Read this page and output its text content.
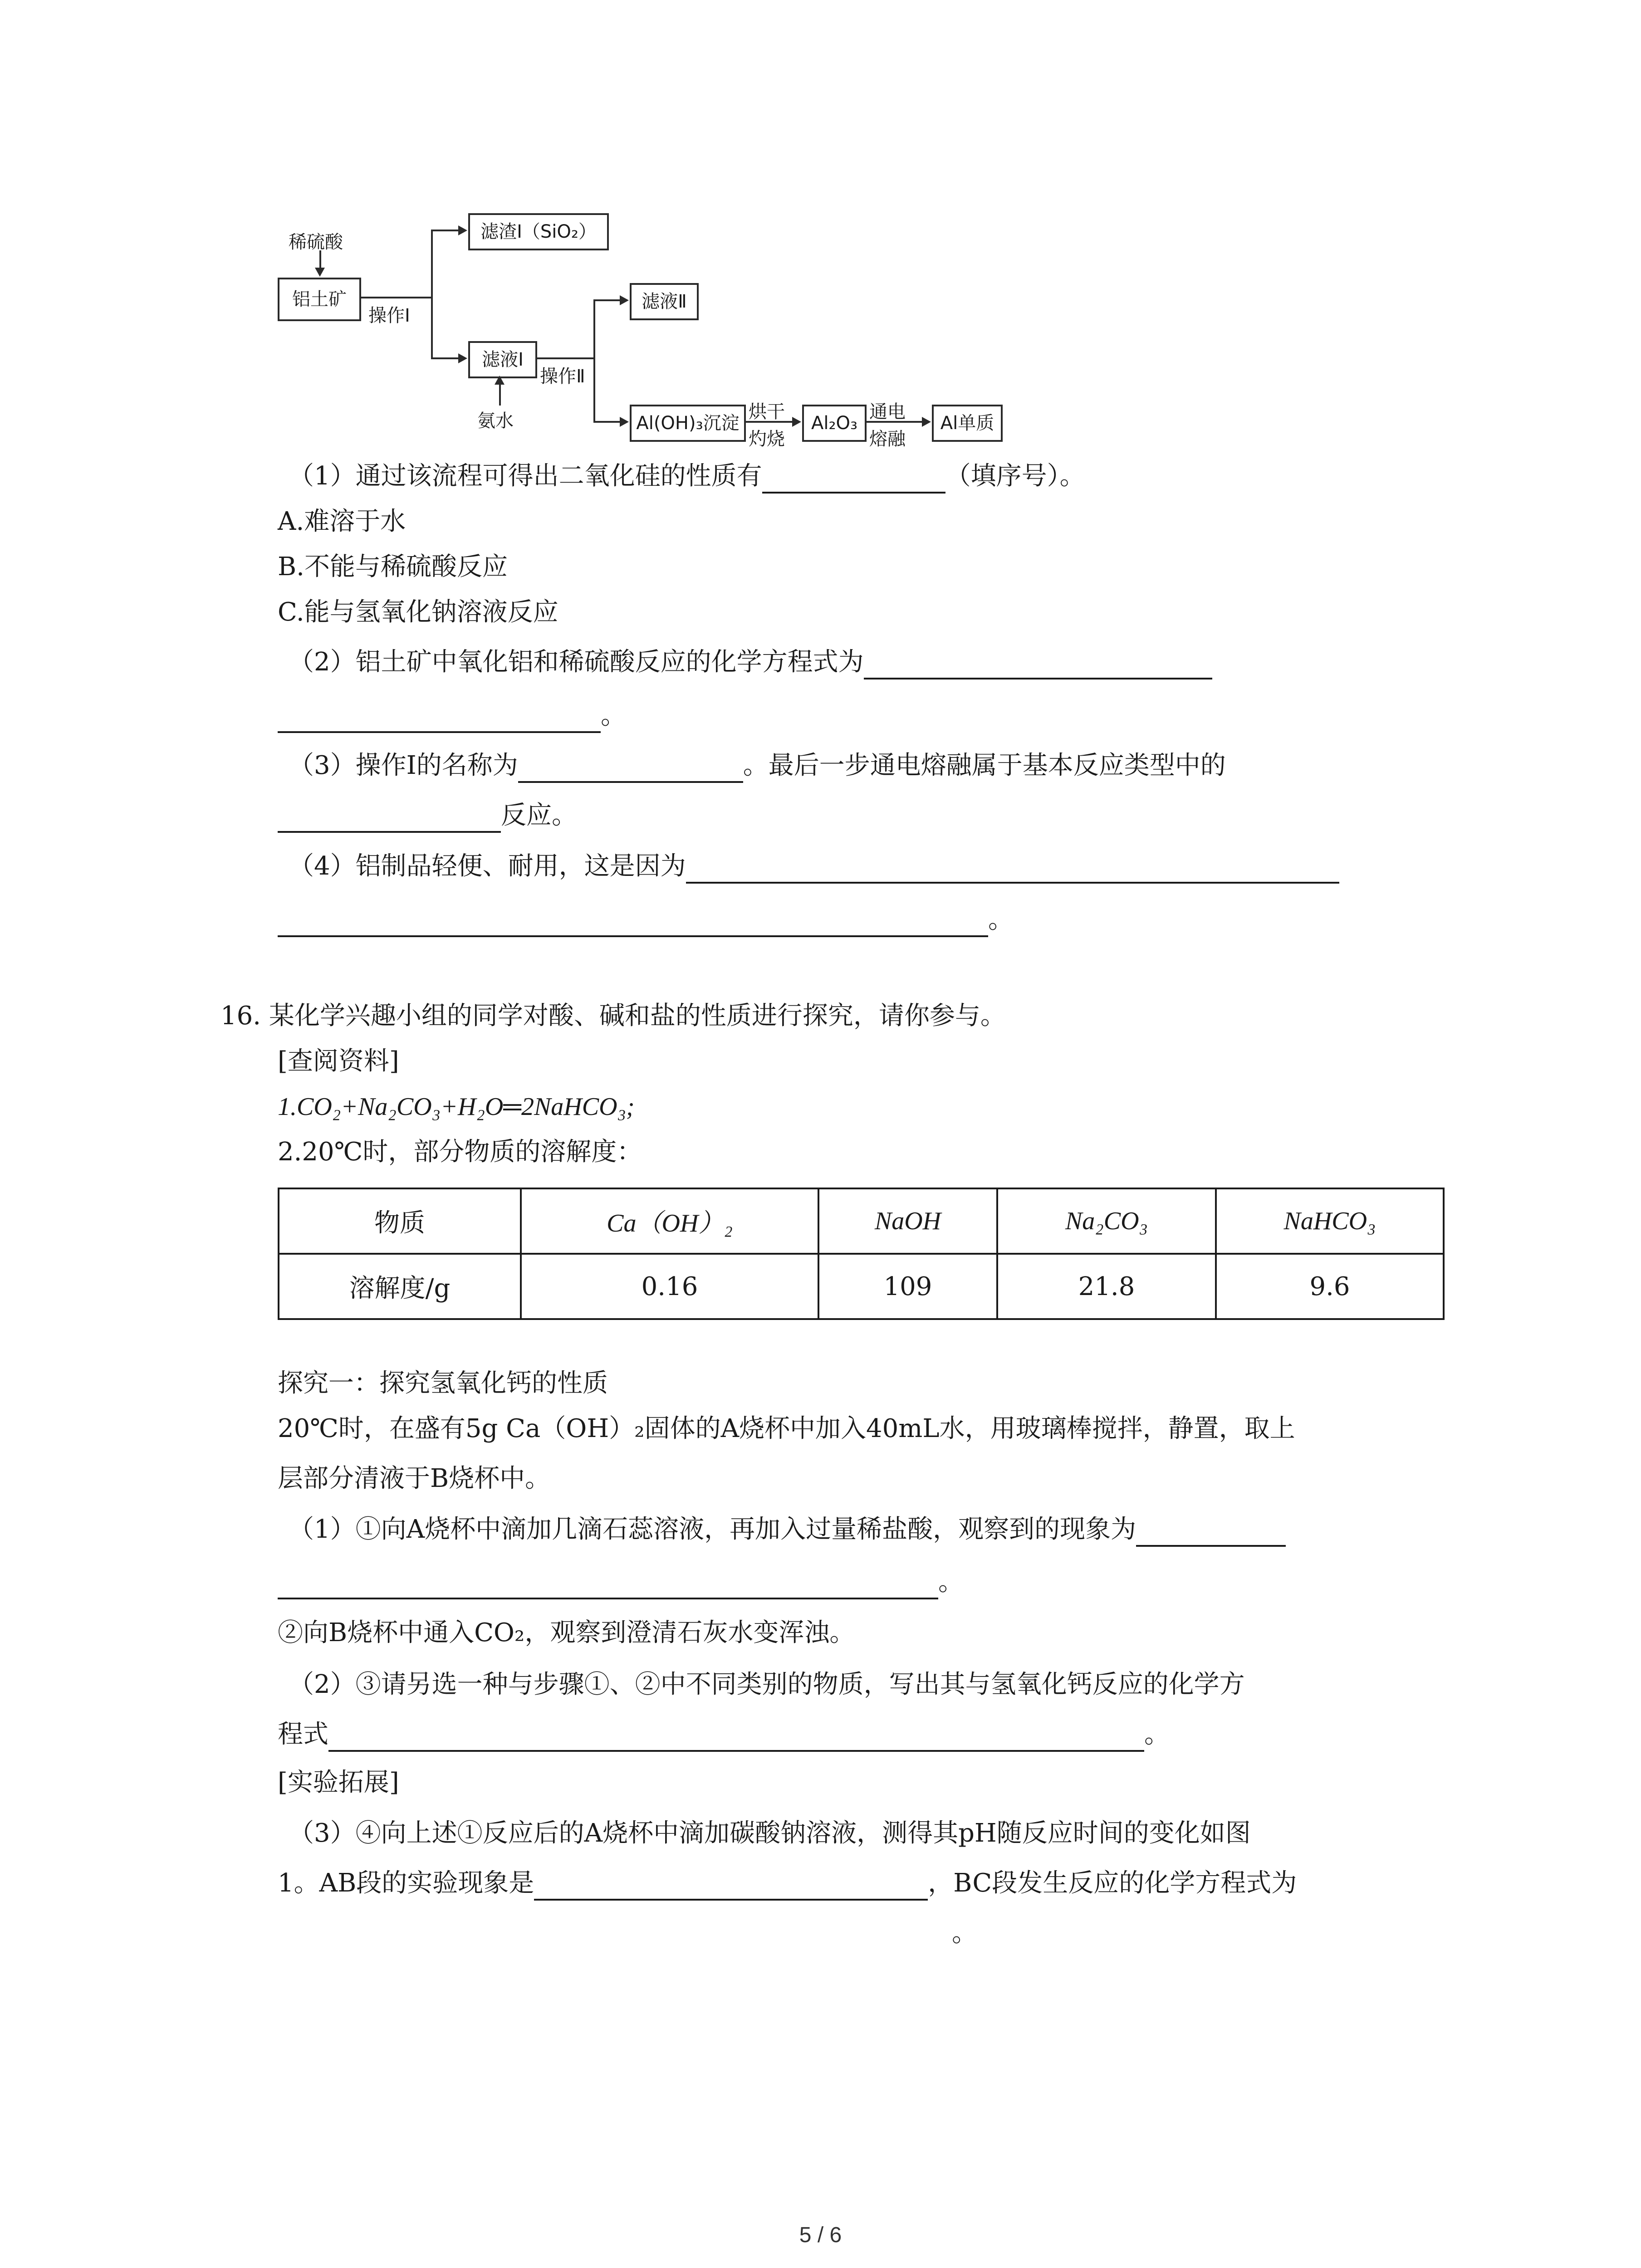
稀硫酸
铝土矿
操作Ⅰ
滤渣Ⅰ（SiO₂）
滤液Ⅰ
氨水
操作Ⅱ
滤液Ⅱ
Al(OH)₃沉淀
烘干
灼烧
Al₂O₃
通电
熔融
Al单质
（1）通过该流程可得出二氧化硅的性质有	（填序号）。
A.难溶于水
B.不能与稀硫酸反应
C.能与氢氧化钠溶液反应
（2）铝土矿中氧化铝和稀硫酸反应的化学方程式为
。
（3）操作Ⅰ的名称为	。最后一步通电熔融属于基本反应类型中的
反应。
（4）铝制品轻便、耐用，这是因为
。
16. 某化学兴趣小组的同学对酸、碱和盐的性质进行探究，请你参与。
[查阅资料]
1.CO₂+Na₂CO₃+H₂O═2NaHCO₃;
2.20℃时，部分物质的溶解度：
物质	Ca（OH）₂	NaOH	Na₂CO₃	NaHCO₃
溶解度/g	0.16	109	21.8	9.6
探究一：探究氢氧化钙的性质
20℃时，在盛有5g Ca（OH）₂固体的A烧杯中加入40mL水，用玻璃棒搅拌，静置，取上
层部分清液于B烧杯中。
（1）①向A烧杯中滴加几滴石蕊溶液，再加入过量稀盐酸，观察到的现象为
。
②向B烧杯中通入CO₂，观察到澄清石灰水变浑浊。
（2）③请另选一种与步骤①、②中不同类别的物质，写出其与氢氧化钙反应的化学方
程式	。
[实验拓展]
（3）④向上述①反应后的A烧杯中滴加碳酸钠溶液，测得其pH随反应时间的变化如图
1。AB段的实验现象是	，BC段发生反应的化学方程式为
。
5 / 6
